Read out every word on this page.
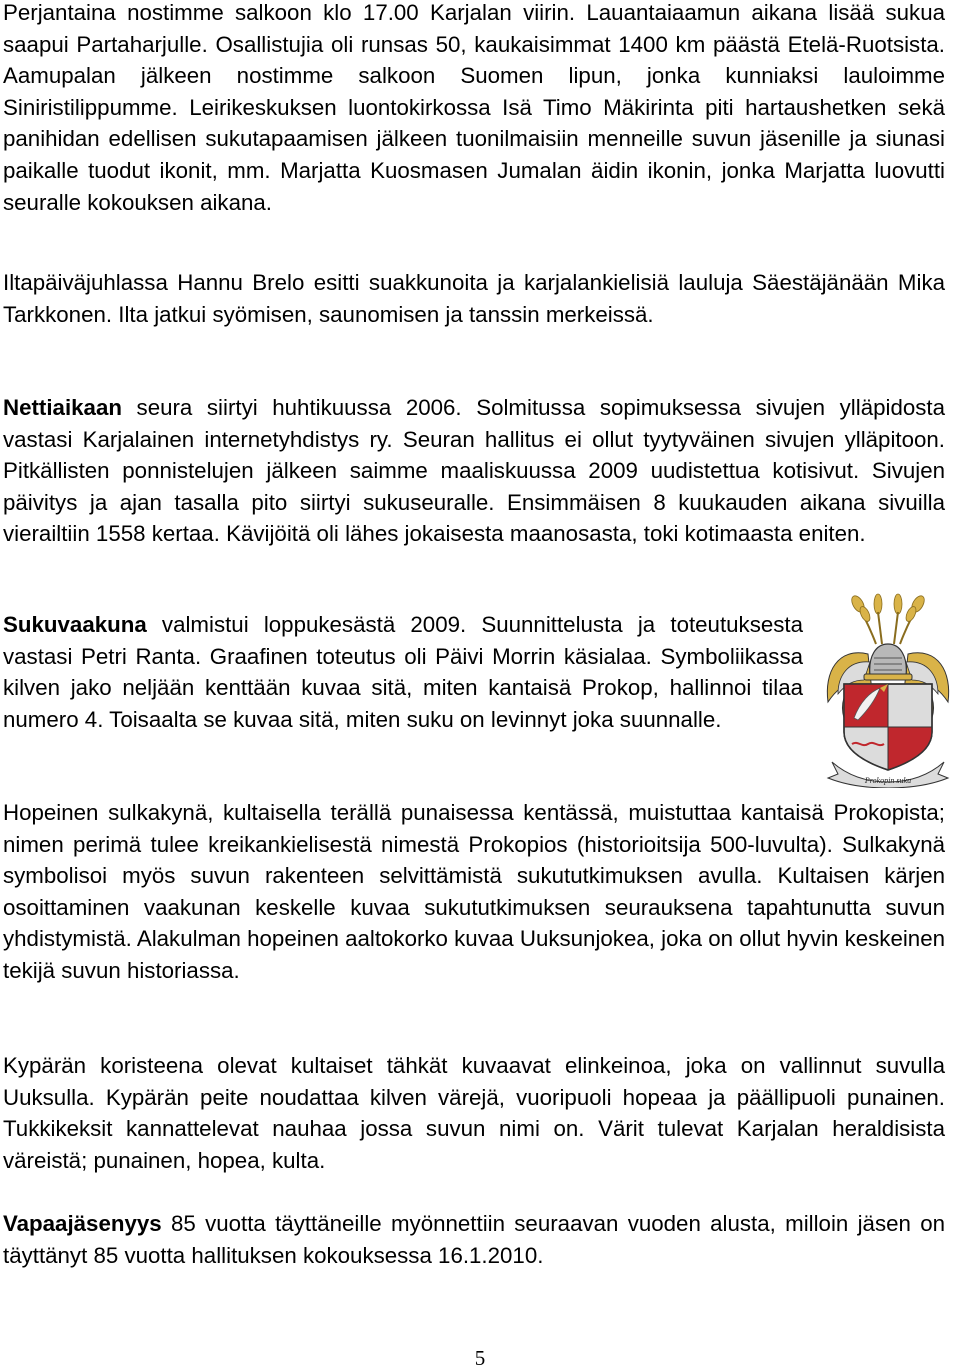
Perjantaina nostimme salkoon klo 17.00 Karjalan viirin. Lauantaiaamun aikana lisää sukua saapui Partaharjulle. Osallistujia oli runsas 50, kaukaisimmat 1400 km päästä Etelä-Ruotsista. Aamupalan jälkeen nostimme salkoon Suomen lipun, jonka kunniaksi lauloimme Siniristilippumme. Leirikeskuksen luontokirkossa Isä Timo Mäkirinta piti hartaushetken sekä panihidan edellisen sukutapaamisen jälkeen tuonilmaisiin menneille suvun jäsenille ja siunasi paikalle tuodut ikonit, mm. Marjatta Kuosmasen Jumalan äidin ikonin, jonka Marjatta luovutti seuralle kokouksen aikana.

Iltapäiväjuhlassa Hannu Brelo esitti suakkunoita ja karjalankielisiä lauluja Säestäjänään Mika Tarkkonen. Ilta jatkui syömisen, saunomisen ja tanssin merkeissä.

Nettiaikaan seura siirtyi huhtikuussa 2006. Solmitussa sopimuksessa sivujen ylläpidosta vastasi Karjalainen internetyhdistys ry. Seuran hallitus ei ollut tyytyväinen sivujen ylläpitoon. Pitkällisten ponnistelujen jälkeen saimme maaliskuussa 2009 uudistettua kotisivut. Sivujen päivitys ja ajan tasalla pito siirtyi sukuseuralle. Ensimmäisen 8 kuukauden aikana sivuilla vierailtiin 1558 kertaa. Kävijöitä oli lähes jokaisesta maanosasta, toki kotimaasta eniten.

Sukuvaakuna valmistui loppukesästä 2009. Suunnittelusta ja toteutuksesta vastasi Petri Ranta. Graafinen toteutus oli Päivi Morrin käsialaa. Symboliikassa kilven jako neljään kenttään kuvaa sitä, miten kantaisä Prokop, hallinnoi tilaa numero 4. Toisaalta se kuvaa sitä, miten suku on levinnyt joka suunnalle.

Hopeinen sulkakynä, kultaisella terällä punaisessa kentässä, muistuttaa kantaisä Prokopista; nimen perimä tulee kreikankielisestä nimestä Prokopios (historioitsija 500-luvulta). Sulkakynä symbolisoi myös suvun rakenteen selvittämistä sukututkimuksen avulla. Kultaisen kärjen osoittaminen vaakunan keskelle kuvaa sukututkimuksen seurauksena tapahtunutta suvun yhdistymistä. Alakulman hopeinen aaltokorko kuvaa Uuksunjokea, joka on ollut hyvin keskeinen tekijä suvun historiassa.

Kypärän koristeena olevat kultaiset tähkät kuvaavat elinkeinoa, joka on vallinnut suvulla Uuksulla. Kypärän peite noudattaa kilven värejä, vuoripuoli hopeaa ja päällipuoli punainen. Tukkikeksit kannattelevat nauhaa jossa suvun nimi on. Värit tulevat Karjalan heraldisista väreistä; punainen, hopea, kulta.

Vapaajäsenyys 85 vuotta täyttäneille myönnettiin seuraavan vuoden alusta, milloin jäsen on täyttänyt 85 vuotta hallituksen kokouksessa 16.1.2010.

Prokopin suku
5
